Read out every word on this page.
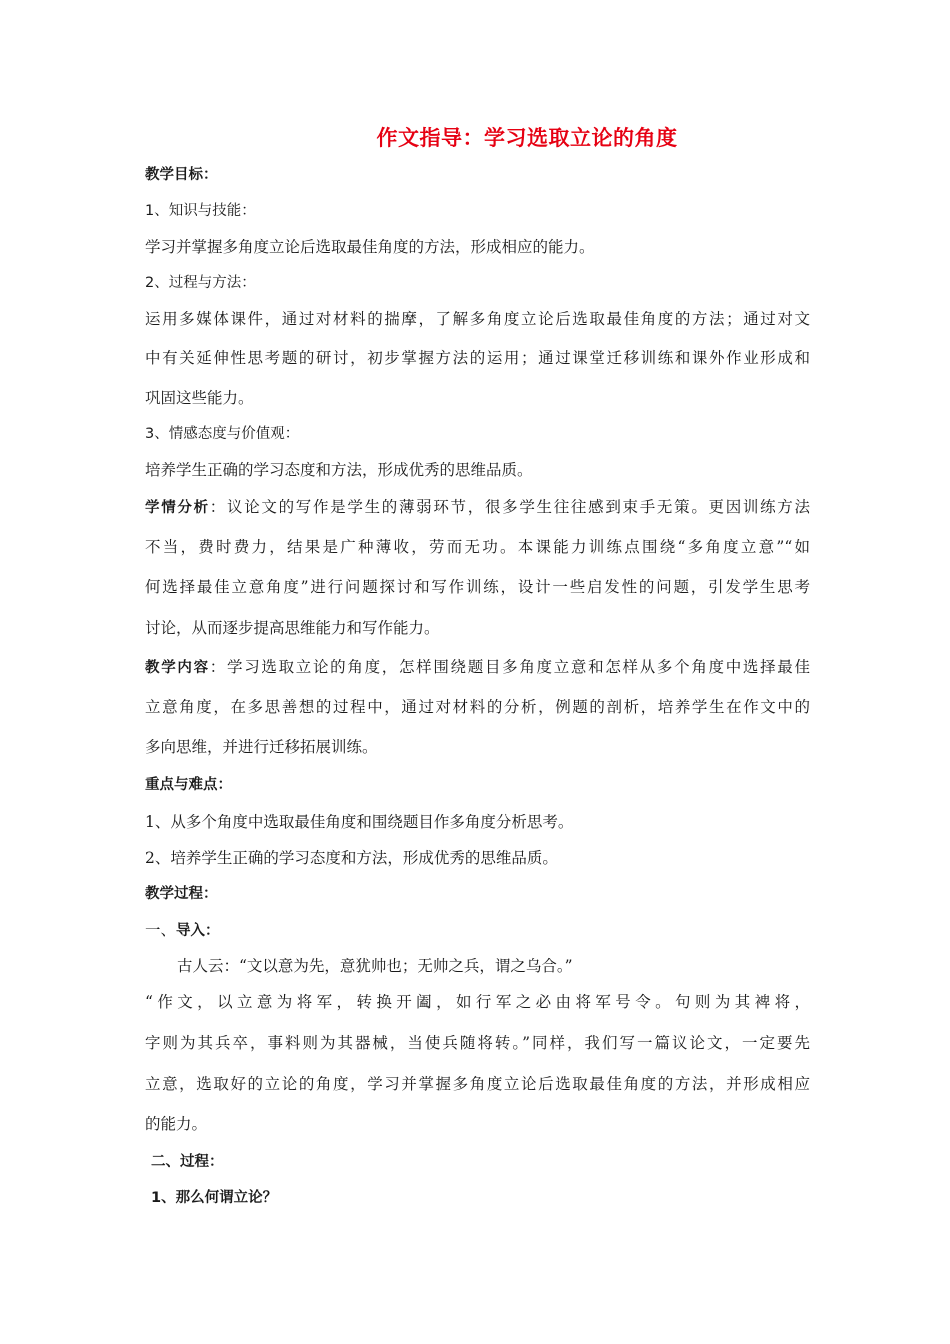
作文指导：学习选取立论的角度
教学目标：
1、知识与技能：
学习并掌握多角度立论后选取最佳角度的方法，形成相应的能力。
2、过程与方法：
运用多媒体课件，通过对材料的揣摩，了解多角度立论后选取最佳角度的方法；通过对文
中有关延伸性思考题的研讨，初步掌握方法的运用；通过课堂迁移训练和课外作业形成和
巩固这些能力。
3、情感态度与价值观：
培养学生正确的学习态度和方法，形成优秀的思维品质。
学情分析：议论文的写作是学生的薄弱环节，很多学生往往感到束手无策。更因训练方法
不当，费时费力，结果是广种薄收，劳而无功。本课能力训练点围绕“多角度立意”“如
何选择最佳立意角度”进行问题探讨和写作训练，设计一些启发性的问题，引发学生思考
讨论，从而逐步提高思维能力和写作能力。
教学内容：学习选取立论的角度，怎样围绕题目多角度立意和怎样从多个角度中选择最佳
立意角度，在多思善想的过程中，通过对材料的分析，例题的剖析，培养学生在作文中的
多向思维，并进行迁移拓展训练。
重点与难点：
1、从多个角度中选取最佳角度和围绕题目作多角度分析思考。
2、培养学生正确的学习态度和方法，形成优秀的思维品质。
教学过程：
一、导入：
古人云：“文以意为先，意犹帅也；无帅之兵，谓之乌合。”
“作文，以立意为将军，转换开阖，如行军之必由将军号令。句则为其裨将，
字则为其兵卒，事料则为其器械，当使兵随将转。”同样，我们写一篇议论文，一定要先
立意，选取好的立论的角度，学习并掌握多角度立论后选取最佳角度的方法，并形成相应
的能力。
二、过程：
1、那么何谓立论？
